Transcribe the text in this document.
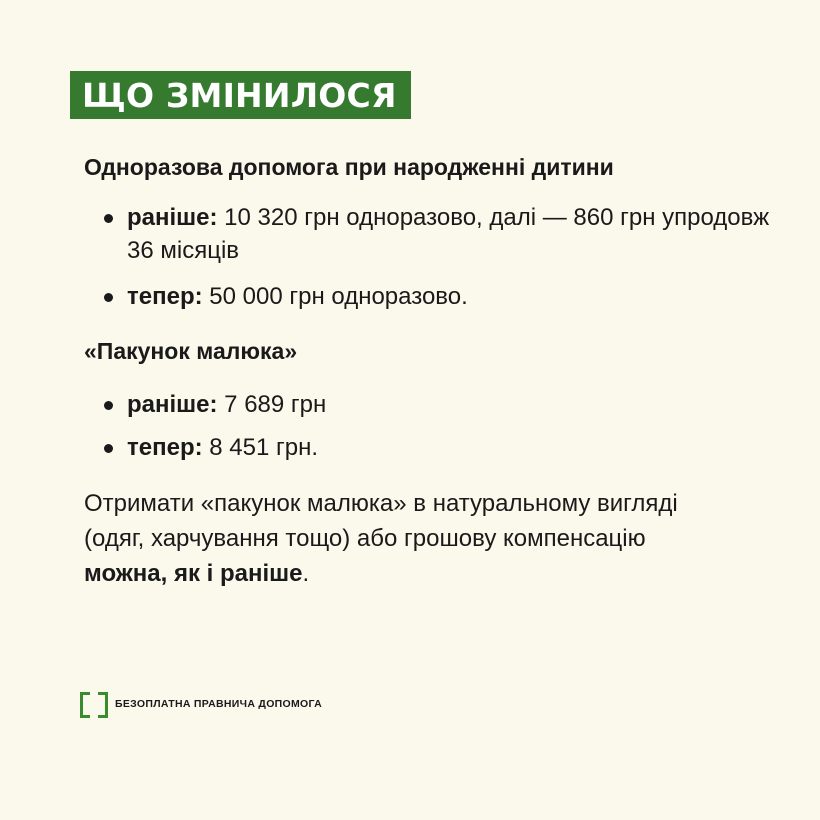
ЩО ЗМІНИЛОСЯ

Одноразова допомога при народженні дитини

раніше: 10 320 грн одноразово, далі — 860 грн упродовж 36 місяців
тепер: 50 000 грн одноразово.

«Пакунок малюка»

раніше: 7 689 грн
тепер: 8 451 грн.

Отримати «пакунок малюка» в натуральному вигляді (одяг, харчування тощо) або грошову компенсацію можна, як і раніше.

БЕЗОПЛАТНА ПРАВНИЧА ДОПОМОГА
